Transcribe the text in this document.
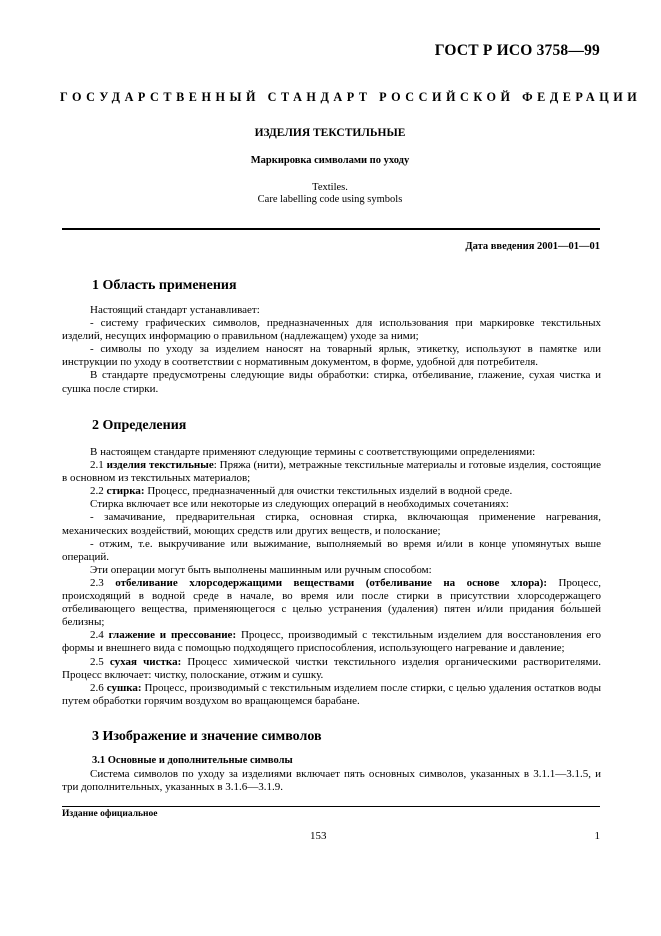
ГОСТ Р ИСО 3758—99
ГОСУДАРСТВЕННЫЙ СТАНДАРТ РОССИЙСКОЙ ФЕДЕРАЦИИ
ИЗДЕЛИЯ ТЕКСТИЛЬНЫЕ
Маркировка символами по уходу
Textiles.
Care labelling code using symbols
Дата введения 2001—01—01
1 Область применения

Настоящий стандарт устанавливает:

- систему графических символов, предназначенных для использования при маркировке текстильных изделий, несущих информацию о правильном (надлежащем) уходе за ними;

- символы по уходу за изделием наносят на товарный ярлык, этикетку, используют в памятке или инструкции по уходу в соответствии с нормативным документом, в форме, удобной для потребителя.

В стандарте предусмотрены следующие виды обработки: стирка, отбеливание, глажение, сухая чистка и сушка после стирки.

2 Определения

В настоящем стандарте применяют следующие термины с соответствующими определениями:

2.1 изделия текстильные: Пряжа (нити), метражные текстильные материалы и готовые изделия, состоящие в основном из текстильных материалов;

2.2 стирка: Процесс, предназначенный для очистки текстильных изделий в водной среде.

Стирка включает все или некоторые из следующих операций в необходимых сочетаниях:

- замачивание, предварительная стирка, основная стирка, включающая применение нагревания, механических воздействий, моющих средств или других веществ, и полоскание;

- отжим, т.е. выкручивание или выжимание, выполняемый во время и/или в конце упомянутых выше операций.

Эти операции могут быть выполнены машинным или ручным способом:

2.3 отбеливание хлорсодержащими веществами (отбеливание на основе хлора): Процесс, происходящий в водной среде в начале, во время или после стирки в присутствии хлорсодержащего отбеливающего вещества, применяющегося с целью устранения (удаления) пятен и/или придания бо́льшей белизны;

2.4 глажение и прессование: Процесс, производимый с текстильным изделием для восстановления его формы и внешнего вида с помощью подходящего приспособления, использующего нагревание и давление;

2.5 сухая чистка: Процесс химической чистки текстильного изделия органическими растворителями. Процесс включает: чистку, полоскание, отжим и сушку.

2.6 сушка: Процесс, производимый с текстильным изделием после стирки, с целью удаления остатков воды путем обработки горячим воздухом во вращающемся барабане.

3 Изображение и значение символов
3.1 Основные и дополнительные символы

Система символов по уходу за изделиями включает пять основных символов, указанных в 3.1.1—3.1.5, и три дополнительных, указанных в 3.1.6—3.1.9.

Издание официальное
153	1
